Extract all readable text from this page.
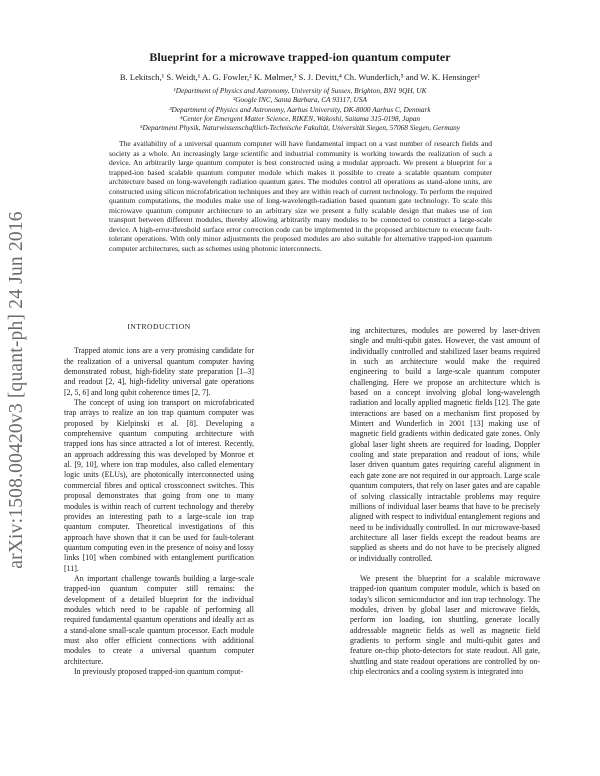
arXiv:1508.00420v3 [quant-ph] 24 Jun 2016
Blueprint for a microwave trapped-ion quantum computer
B. Lekitsch,¹ S. Weidt,¹ A. G. Fowler,² K. Mølmer,³ S. J. Devitt,⁴ Ch. Wunderlich,⁵ and W. K. Hensinger¹
¹Department of Physics and Astronomy, University of Sussex, Brighton, BN1 9QH, UK
²Google INC, Santa Barbara, CA 93117, USA
³Department of Physics and Astronomy, Aarhus University, DK-8000 Aarhus C, Denmark
⁴Center for Emergent Matter Science, RIKEN, Wakoshi, Saitama 315-0198, Japan
⁵Department Physik, Naturwissenschaftlich-Technische Fakultät, Universität Siegen, 57068 Siegen, Germany

The availability of a universal quantum computer will have fundamental impact on a vast number of research fields and society as a whole. An increasingly large scientific and industrial community is working towards the realization of such a device. An arbitrarily large quantum computer is best constructed using a modular approach. We present a blueprint for a trapped-ion based scalable quantum computer module which makes it possible to create a scalable quantum computer architecture based on long-wavelength radiation quantum gates. The modules control all operations as stand-alone units, are constructed using silicon microfabrication techniques and they are within reach of current technology. To perform the required quantum computations, the modules make use of long-wavelength-radiation based quantum gate technology. To scale this microwave quantum computer architecture to an arbitrary size we present a fully scalable design that makes use of ion transport between different modules, thereby allowing arbitrarily many modules to be connected to construct a large-scale device. A high-error-threshold surface error correction code can be implemented in the proposed architecture to execute fault-tolerant operations. With only minor adjustments the proposed modules are also suitable for alternative trapped-ion quantum computer architectures, such as schemes using photonic interconnects.

INTRODUCTION

Trapped atomic ions are a very promising candidate for the realization of a universal quantum computer having demonstrated robust, high-fidelity state preparation [1–3] and readout [2, 4], high-fidelity universal gate operations [2, 5, 6] and long qubit coherence times [2, 7].

The concept of using ion transport on microfabricated trap arrays to realize an ion trap quantum computer was proposed by Kielpinski et al. [8]. Developing a comprehensive quantum computing architecture with trapped ions has since attracted a lot of interest. Recently, an approach addressing this was developed by Monroe et al. [9, 10], where ion trap modules, also called elementary logic units (ELUs), are photonically interconnected using commercial fibres and optical crossconnect switches. This proposal demonstrates that going from one to many modules is within reach of current technology and thereby provides an interesting path to a large-scale ion trap quantum computer. Theoretical investigations of this approach have shown that it can be used for fault-tolerant quantum computing even in the presence of noisy and lossy links [10] when combined with entanglement purification [11].

An important challenge towards building a large-scale trapped-ion quantum computer still remains: the development of a detailed blueprint for the individual modules which need to be capable of performing all required fundamental quantum operations and ideally act as a stand-alone small-scale quantum processor. Each module must also offer efficient connections with additional modules to create a universal quantum computer architecture.

In previously proposed trapped-ion quantum comput-

ing architectures, modules are powered by laser-driven single and multi-qubit gates. However, the vast amount of individually controlled and stabilized laser beams required in such an architecture would make the required engineering to build a large-scale quantum computer challenging. Here we propose an architecture which is based on a concept involving global long-wavelength radiation and locally applied magnetic fields [12]. The gate interactions are based on a mechanism first proposed by Mintert and Wunderlich in 2001 [13] making use of magnetic field gradients within dedicated gate zones. Only global laser light sheets are required for loading, Doppler cooling and state preparation and readout of ions, while laser driven quantum gates requiring careful alignment in each gate zone are not required in our approach. Large scale quantum computers, that rely on laser gates and are capable of solving classically intractable problems may require millions of individual laser beams that have to be precisely aligned with respect to individual entanglement regions and need to be individually controlled. In our microwave-based architecture all laser fields except the readout beams are supplied as sheets and do not have to be precisely aligned or individually controlled.

We present the blueprint for a scalable microwave trapped-ion quantum computer module, which is based on today's silicon semiconductor and ion trap technology. The modules, driven by global laser and microwave fields, perform ion loading, ion shuttling, generate locally addressable magnetic fields as well as magnetic field gradients to perform single and multi-qubit gates and feature on-chip photo-detectors for state readout. All gate, shuttling and state readout operations are controlled by on-chip electronics and a cooling system is integrated into
